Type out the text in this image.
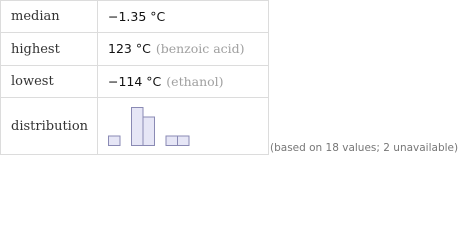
median	−1.35 °C
highest	123 °C (benzoic acid)
lowest	−114 °C (ethanol)
distribution	
(based on 18 values; 2 unavailable)
